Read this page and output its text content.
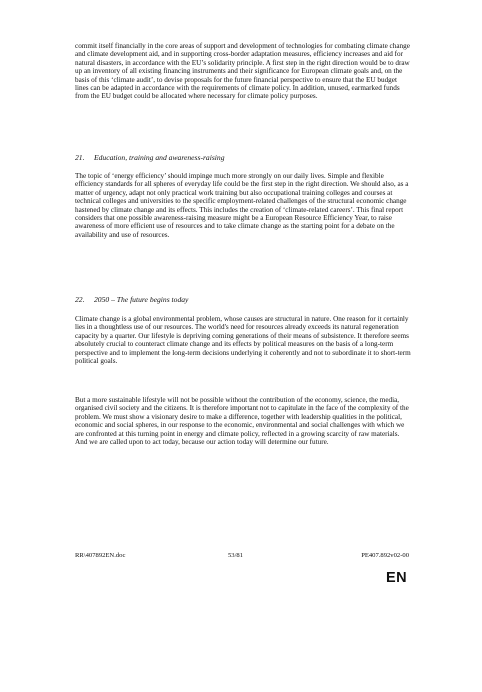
commit itself financially in the core areas of support and development of technologies for combating climate change and climate development aid, and in supporting cross-border adaptation measures, efficiency increases and aid for natural disasters, in accordance with the EU’s solidarity principle. A first step in the right direction would be to draw up an inventory of all existing financing instruments and their significance for European climate goals and, on the basis of this ‘climate audit’, to devise proposals for the future financial perspective to ensure that the EU budget lines can be adapted in accordance with the requirements of climate policy. In addition, unused, earmarked funds from the EU budget could be allocated where necessary for climate policy purposes.

21. Education, training and awareness-raising

The topic of ‘energy efficiency’ should impinge much more strongly on our daily lives. Simple and flexible efficiency standards for all spheres of everyday life could be the first step in the right direction. We should also, as a matter of urgency, adapt not only practical work training but also occupational training colleges and courses at technical colleges and universities to the specific employment-related challenges of the structural economic change hastened by climate change and its effects. This includes the creation of ‘climate-related careers’. This final report considers that one possible awareness-raising measure might be a European Resource Efficiency Year, to raise awareness of more efficient use of resources and to take climate change as the starting point for a debate on the availability and use of resources.

22. 2050 – The future begins today

Climate change is a global environmental problem, whose causes are structural in nature. One reason for it certainly lies in a thoughtless use of our resources. The world's need for resources already exceeds its natural regeneration capacity by a quarter. Our lifestyle is depriving coming generations of their means of subsistence. It therefore seems absolutely crucial to counteract climate change and its effects by political measures on the basis of a long-term perspective and to implement the long-term decisions underlying it coherently and not to subordinate it to short-term political goals.

But a more sustainable lifestyle will not be possible without the contribution of the economy, science, the media, organised civil society and the citizens. It is therefore important not to capitulate in the face of the complexity of the problem. We must show a visionary desire to make a difference, together with leadership qualities in the political, economic and social spheres, in our response to the economic, environmental and social challenges with which we are confronted at this turning point in energy and climate policy, reflected in a growing scarcity of raw materials. And we are called upon to act today, because our action today will determine our future.

RR\407892EN.doc	53/81	PE407.892v02-00
EN
